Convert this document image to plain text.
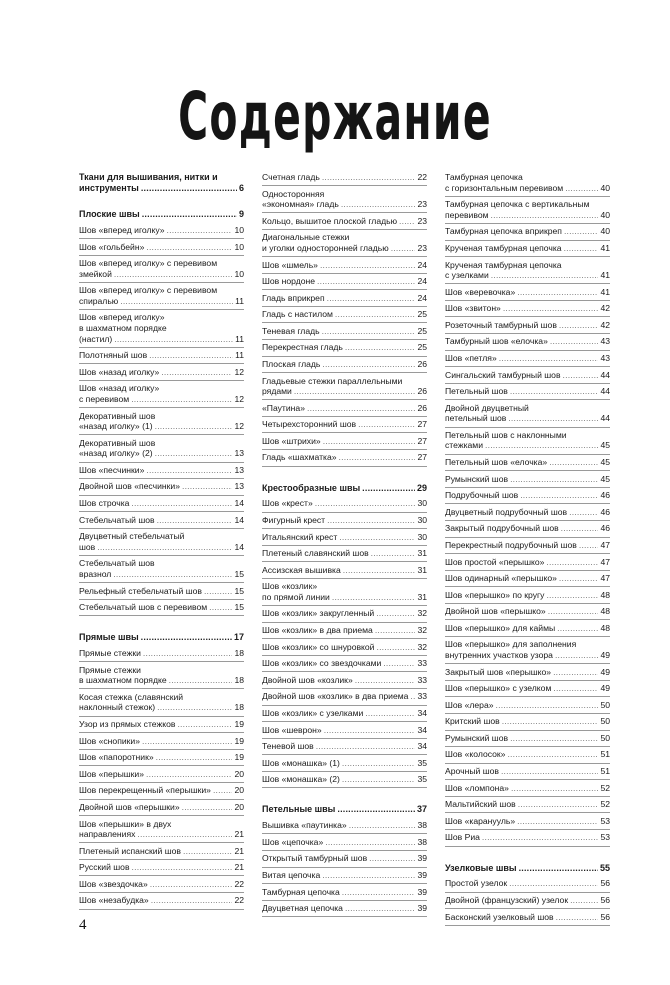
Содержание
Ткани для вышивания, нитки и
инструменты .....	6
Плоские швы .....	9
Шов «вперед иголку» .....	10
Шов «гольбейн» .....	10
Шов «вперед иголку» с перевивом
змейкой .....	10
Шов «вперед иголку» с перевивом
спиралью .....	11
Шов «вперед иголку»
в шахматном порядке
(настил) .....	11
Полотняный шов .....	11
Шов «назад иголку» .....	12
Шов «назад иголку»
с перевивом .....	12
Декоративный шов
«назад иголку» (1) .....	12
Декоративный шов
«назад иголку» (2) .....	13
Шов «песчинки» .....	13
Двойной шов «песчинки» .....	13
Шов строчка .....	14
Стебельчатый шов .....	14
Двуцветный стебельчатый
шов .....	14
Стебельчатый шов
вразнол .....	15
Рельефный стебельчатый шов .....	15
Стебельчатый шов с перевивом .....	15
Прямые швы .....	17
Прямые стежки .....	18
Прямые стежки
в шахматном порядке .....	18
Косая стежка (славянский
наклонный стежок) .....	18
Узор из прямых стежков .....	19
Шов «снопики» .....	19
Шов «папоротник» .....	19
Шов «перышки» .....	20
Шов перекрещенный «перышки» .....	20
Двойной шов «перышки» .....	20
Шов «перышки» в двух
направлениях .....	21
Плетеный испанский шов .....	21
Русский шов .....	21
Шов «звездочка» .....	22
Шов «незабудка» .....	22
Счетная гладь .....	22
Односторонняя
«экономная» гладь .....	23
Кольцо, вышитое плоской гладью ..... 23
Диагональные стежки
и уголки односторонней гладью .....	23
Шов «шмель» .....	24
Шов нордоне .....	24
Гладь вприкреп .....	24
Гладь с настилом .....	25
Теневая гладь .....	25
Перекрестная гладь .....	25
Плоская гладь .....	26
Гладьевые стежки параллельными
рядами .....	26
«Паутина» .....	26
Четырехсторонний шов .....	27
Шов «штрихи» .....	27
Гладь «шахматка» .....	27
Крестообразные швы .....	29
Шов «крест» .....	30
Фигурный крест .....	30
Итальянский крест .....	30
Плетеный славянский шов .....	31
Ассизская вышивка .....	31
Шов «козлик»
по прямой линии .....	31
Шов «козлик» закругленный .....	32
Шов «козлик» в два приема .....	32
Шов «козлик» со шнуровкой .....	32
Шов «козлик» со звездочками .....	33
Двойной шов «козлик» .....	33
Двойной шов «козлик» в два приема ..... 33
Шов «козлик» с узелками .....	34
Шов «шеврон» .....	34
Теневой шов .....	34
Шов «монашка» (1) .....	35
Шов «монашка» (2) .....	35
Петельные швы .....	37
Вышивка «паутинка» .....	38
Шов «цепочка» .....	38
Открытый тамбурный шов .....	39
Витая цепочка .....	39
Тамбурная цепочка .....	39
Двуцветная цепочка .....	39
Тамбурная цепочка
с горизонтальным перевивом .....	40
Тамбурная цепочка с вертикальным
перевивом .....	40
Тамбурная цепочка вприкреп .....	40
Крученая тамбурная цепочка .....	41
Крученая тамбурная цепочка
с узелками .....	41
Шов «веревочка» .....	41
Шов «звитон» .....	42
Розеточный тамбурный шов .....	42
Тамбурный шов «елочка» .....	43
Шов «петля» .....	43
Сингальский тамбурный шов .....	44
Петельный шов .....	44
Двойной двуцветный
петельный шов .....	44
Петельный шов с наклонными
стежками .....	45
Петельный шов «елочка» .....	45
Румынский шов .....	45
Подрубочный шов .....	46
Двуцветный подрубочный шов .....	46
Закрытый подрубочный шов .....	46
Перекрестный подрубочный шов .....	47
Шов простой «перышко» .....	47
Шов одинарный «перышко» .....	47
Шов «перышко» по кругу .....	48
Двойной шов «перышко» .....	48
Шов «перышко» для каймы .....	48
Шов «перышко» для заполнения
внутренних участков узора .....	49
Закрытый шов «перышко» .....	49
Шов «перышко» с узелком .....	49
Шов «лера» .....	50
Критский шов .....	50
Румынский шов .....	50
Шов «колосок» .....	51
Арочный шов .....	51
Шов «ломпона» .....	52
Мальтийский шов .....	52
Шов «каранууль» .....	53
Шов Риа .....	53
Узелковые швы .....	55
Простой узелок .....	56
Двойной (французский) узелок .....	56
Басконский узелковый шов .....	56
4
